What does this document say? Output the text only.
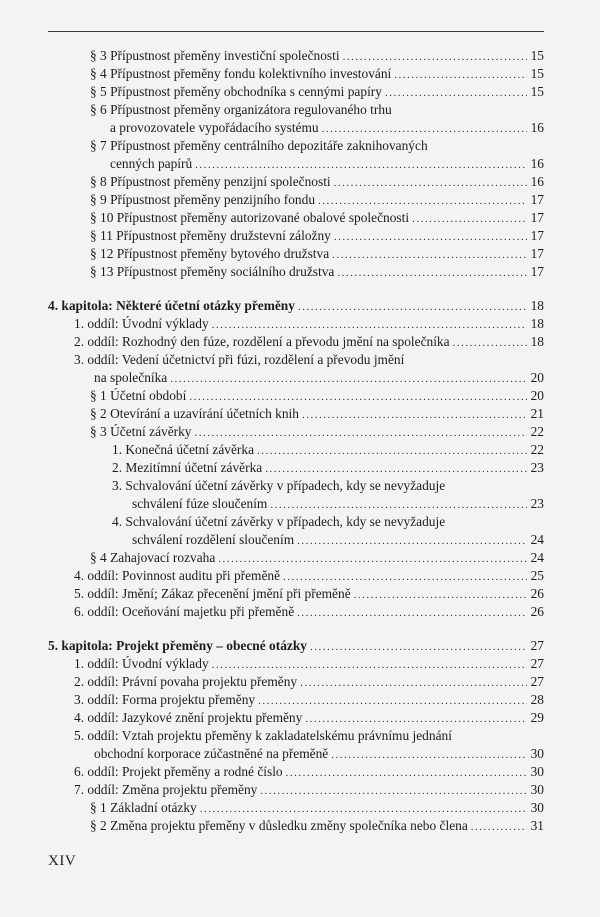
§ 3 Přípustnost přeměny investiční společnosti .....	15
§ 4 Přípustnost přeměny fondu kolektivního investování .....	15
§ 5 Přípustnost přeměny obchodníka s cennými papíry .....	15
§ 6 Přípustnost přeměny organizátora regulovaného trhu
a provozovatele vypořádacího systému .....	16
§ 7 Přípustnost přeměny centrálního depozitáře zaknihovaných
cenných papírů .....	16
§ 8 Přípustnost přeměny penzijní společnosti .....	16
§ 9 Přípustnost přeměny penzijního fondu .....	17
§ 10 Přípustnost přeměny autorizované obalové společnosti .....	17
§ 11 Přípustnost přeměny družstevní záložny .....	17
§ 12 Přípustnost přeměny bytového družstva .....	17
§ 13 Přípustnost přeměny sociálního družstva .....	17
4. kapitola: Některé účetní otázky přeměny .....	18
1. oddíl: Úvodní výklady .....	18
2. oddíl: Rozhodný den fúze, rozdělení a převodu jmění na společníka .....	18
3. oddíl: Vedení účetnictví při fúzi, rozdělení a převodu jmění
na společníka .....	20
§ 1 Účetní období .....	20
§ 2 Otevírání a uzavírání účetních knih .....	21
§ 3 Účetní závěrky .....	22
1. Konečná účetní závěrka .....	22
2. Mezitímní účetní závěrka .....	23
3. Schvalování účetní závěrky v případech, kdy se nevyžaduje
schválení fúze sloučením .....	23
4. Schvalování účetní závěrky v případech, kdy se nevyžaduje
schválení rozdělení sloučením .....	24
§ 4 Zahajovací rozvaha .....	24
4. oddíl: Povinnost auditu při přeměně .....	25
5. oddíl: Jmění; Zákaz přecenění jmění při přeměně .....	26
6. oddíl: Oceňování majetku při přeměně .....	26
5. kapitola: Projekt přeměny – obecné otázky .....	27
1. oddíl: Úvodní výklady .....	27
2. oddíl: Právní povaha projektu přeměny .....	27
3. oddíl: Forma projektu přeměny .....	28
4. oddíl: Jazykové znění projektu přeměny .....	29
5. oddíl: Vztah projektu přeměny k zakladatelskému právnímu jednání
obchodní korporace zúčastněné na přeměně .....	30
6. oddíl: Projekt přeměny a rodné číslo .....	30
7. oddíl: Změna projektu přeměny .....	30
§ 1 Základní otázky .....	30
§ 2 Změna projektu přeměny v důsledku změny společníka nebo člena .....	31
XIV
